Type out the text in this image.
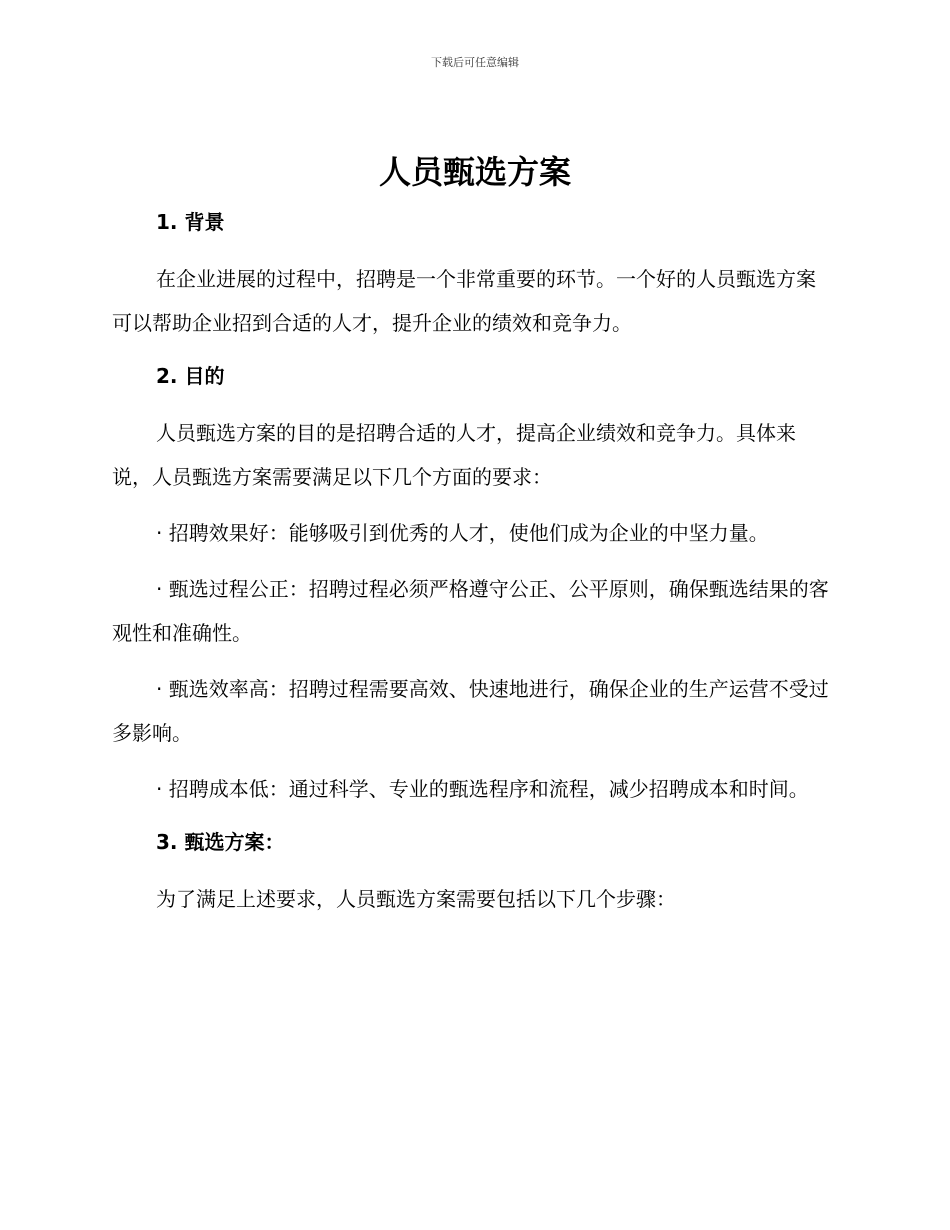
下载后可任意编辑
人员甄选方案
1. 背景

在企业进展的过程中，招聘是一个非常重要的环节。一个好的人员甄选方案可以帮助企业招到合适的人才，提升企业的绩效和竞争力。

2. 目的

人员甄选方案的目的是招聘合适的人才，提高企业绩效和竞争力。具体来说，人员甄选方案需要满足以下几个方面的要求：

· 招聘效果好：能够吸引到优秀的人才，使他们成为企业的中坚力量。

· 甄选过程公正：招聘过程必须严格遵守公正、公平原则，确保甄选结果的客观性和准确性。

· 甄选效率高：招聘过程需要高效、快速地进行，确保企业的生产运营不受过多影响。

· 招聘成本低：通过科学、专业的甄选程序和流程，减少招聘成本和时间。

3. 甄选方案：

为了满足上述要求，人员甄选方案需要包括以下几个步骤：
